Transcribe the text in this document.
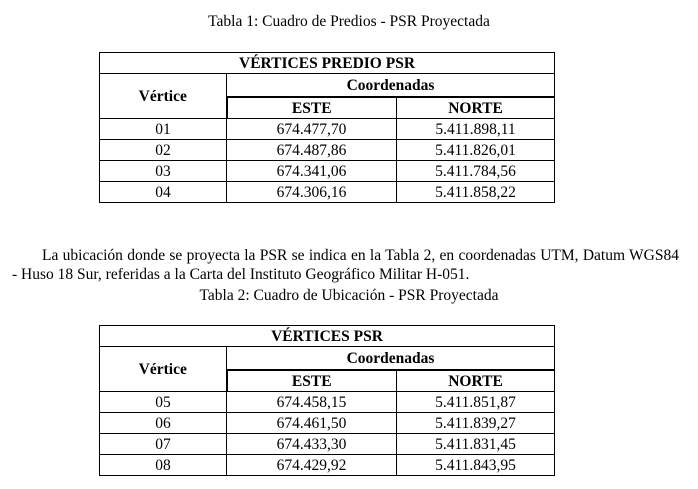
Tabla 1: Cuadro de Predios - PSR Proyectada
VÉRTICES PREDIO PSR		
Vértice	Coordenadas	
	ESTE	NORTE
01	674.477,70	5.411.898,11
02	674.487,86	5.411.826,01
03	674.341,06	5.411.784,56
04	674.306,16	5.411.858,22

La ubicación donde se proyecta la PSR se indica en la Tabla 2, en coordenadas UTM, Datum WGS84 - Huso 18 Sur, referidas a la Carta del Instituto Geográfico Militar H-051.

Tabla 2: Cuadro de Ubicación - PSR Proyectada
VÉRTICES PSR		
Vértice	Coordenadas	
	ESTE	NORTE
05	674.458,15	5.411.851,87
06	674.461,50	5.411.839,27
07	674.433,30	5.411.831,45
08	674.429,92	5.411.843,95
